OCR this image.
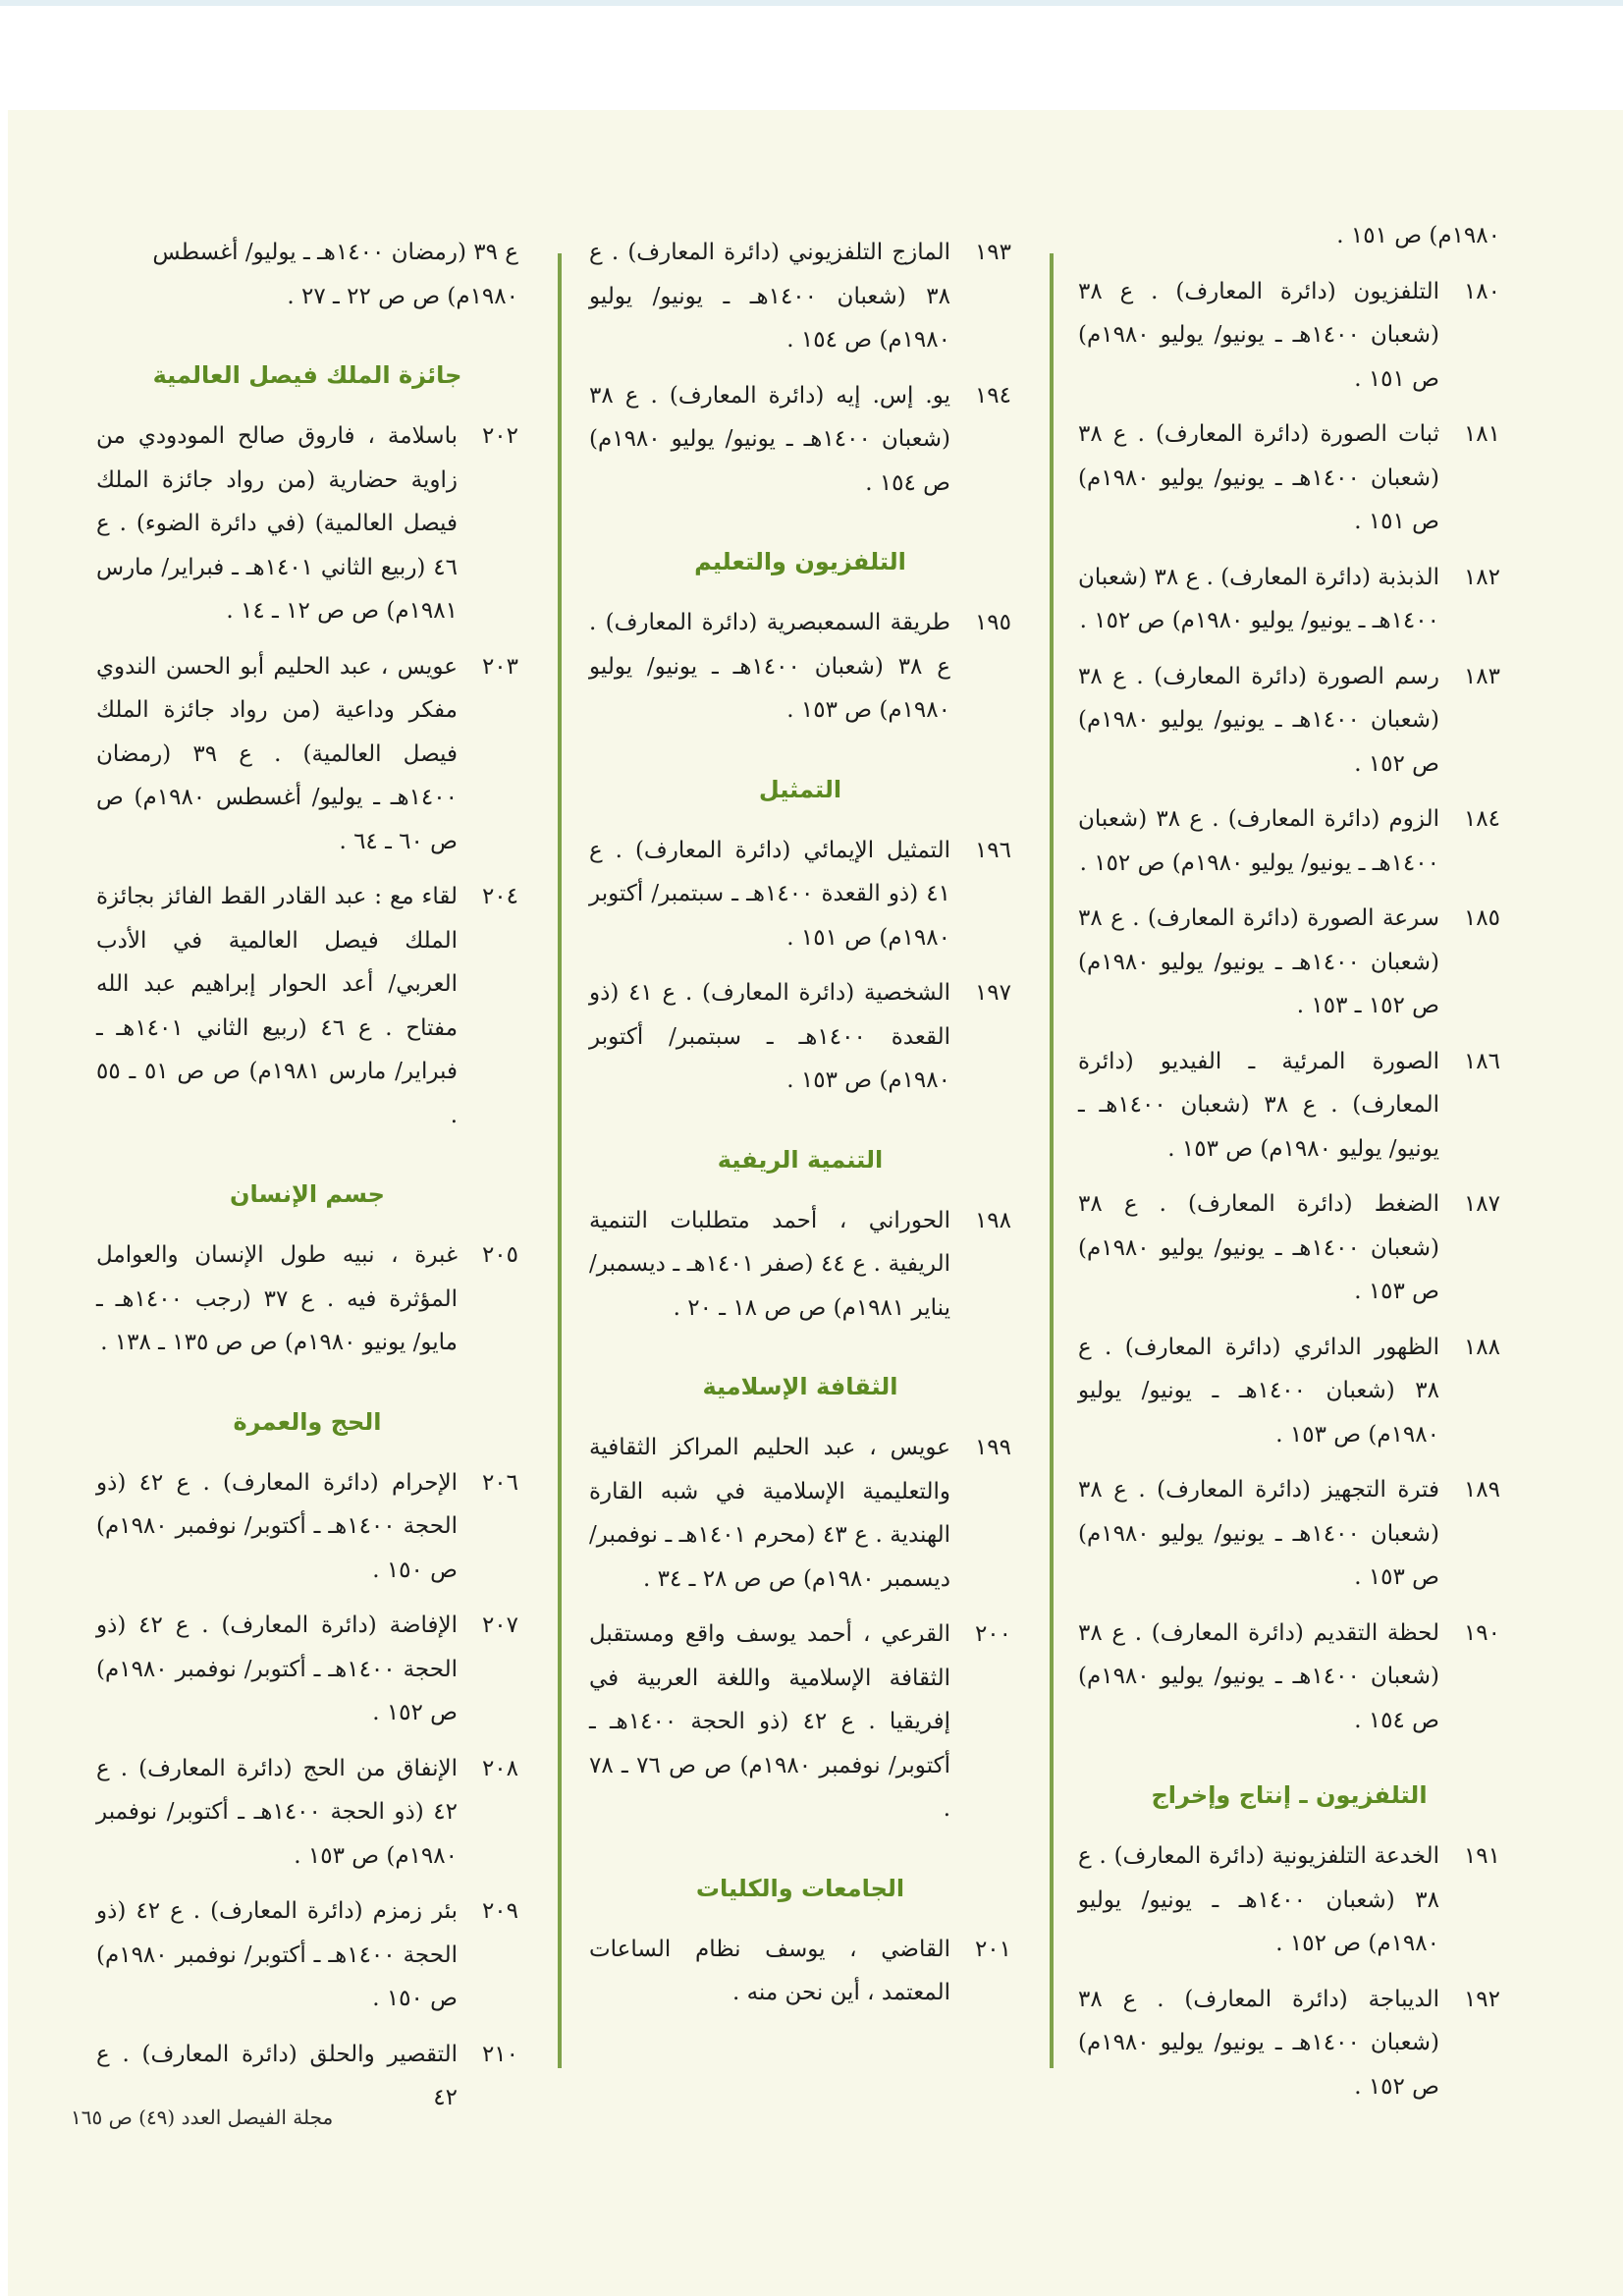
١٩٨٠م) ص ١٥١ .
١٨٠
التلفزيون (دائرة المعارف) . ع ٣٨ (شعبان ١٤٠٠هـ ـ يونيو/ يوليو ١٩٨٠م) ص ١٥١ .
١٨١
ثبات الصورة (دائرة المعارف) . ع ٣٨ (شعبان ١٤٠٠هـ ـ يونيو/ يوليو ١٩٨٠م) ص ١٥١ .
١٨٢
الذبذبة (دائرة المعارف) . ع ٣٨ (شعبان ١٤٠٠هـ ـ يونيو/ يوليو ١٩٨٠م) ص ١٥٢ .
١٨٣
رسم الصورة (دائرة المعارف) . ع ٣٨ (شعبان ١٤٠٠هـ ـ يونيو/ يوليو ١٩٨٠م) ص ١٥٢ .
١٨٤
الزوم (دائرة المعارف) . ع ٣٨ (شعبان ١٤٠٠هـ ـ يونيو/ يوليو ١٩٨٠م) ص ١٥٢ .
١٨٥
سرعة الصورة (دائرة المعارف) . ع ٣٨ (شعبان ١٤٠٠هـ ـ يونيو/ يوليو ١٩٨٠م) ص ١٥٢ ـ ١٥٣ .
١٨٦
الصورة المرئية ـ الفيديو (دائرة المعارف) . ع ٣٨ (شعبان ١٤٠٠هـ ـ يونيو/ يوليو ١٩٨٠م) ص ١٥٣ .
١٨٧
الضغط (دائرة المعارف) . ع ٣٨ (شعبان ١٤٠٠هـ ـ يونيو/ يوليو ١٩٨٠م) ص ١٥٣ .
١٨٨
الظهور الدائري (دائرة المعارف) . ع ٣٨ (شعبان ١٤٠٠هـ ـ يونيو/ يوليو ١٩٨٠م) ص ١٥٣ .
١٨٩
فترة التجهيز (دائرة المعارف) . ع ٣٨ (شعبان ١٤٠٠هـ ـ يونيو/ يوليو ١٩٨٠م) ص ١٥٣ .
١٩٠
لحظة التقديم (دائرة المعارف) . ع ٣٨ (شعبان ١٤٠٠هـ ـ يونيو/ يوليو ١٩٨٠م) ص ١٥٤ .
التلفزيون ـ إنتاج وإخراج
١٩١
الخدعة التلفزيونية (دائرة المعارف) . ع ٣٨ (شعبان ١٤٠٠هـ ـ يونيو/ يوليو ١٩٨٠م) ص ١٥٢ .
١٩٢
الديباجة (دائرة المعارف) . ع ٣٨ (شعبان ١٤٠٠هـ ـ يونيو/ يوليو ١٩٨٠م) ص ١٥٢ .
١٩٣
المازج التلفزيوني (دائرة المعارف) . ع ٣٨ (شعبان ١٤٠٠هـ ـ يونيو/ يوليو ١٩٨٠م) ص ١٥٤ .
١٩٤
يو. إس. إيه (دائرة المعارف) . ع ٣٨ (شعبان ١٤٠٠هـ ـ يونيو/ يوليو ١٩٨٠م) ص ١٥٤ .
التلفزيون والتعليم
١٩٥
طريقة السمعبصرية (دائرة المعارف) . ع ٣٨ (شعبان ١٤٠٠هـ ـ يونيو/ يوليو ١٩٨٠م) ص ١٥٣ .
التمثيل
١٩٦
التمثيل الإيمائي (دائرة المعارف) . ع ٤١ (ذو القعدة ١٤٠٠هـ ـ سبتمبر/ أكتوبر ١٩٨٠م) ص ١٥١ .
١٩٧
الشخصية (دائرة المعارف) . ع ٤١ (ذو القعدة ١٤٠٠هـ ـ سبتمبر/ أكتوبر ١٩٨٠م) ص ١٥٣ .
التنمية الريفية
١٩٨
الحوراني ، أحمد متطلبات التنمية الريفية . ع ٤٤ (صفر ١٤٠١هـ ـ ديسمبر/ يناير ١٩٨١م) ص ص ١٨ ـ ٢٠ .
الثقافة الإسلامية
١٩٩
عويس ، عبد الحليم المراكز الثقافية والتعليمية الإسلامية في شبه القارة الهندية . ع ٤٣ (محرم ١٤٠١هـ ـ نوفمبر/ ديسمبر ١٩٨٠م) ص ص ٢٨ ـ ٣٤ .
٢٠٠
القرعي ، أحمد يوسف واقع ومستقبل الثقافة الإسلامية واللغة العربية في إفريقيا . ع ٤٢ (ذو الحجة ١٤٠٠هـ ـ أكتوبر/ نوفمبر ١٩٨٠م) ص ص ٧٦ ـ ٧٨ .
الجامعات والكليات
٢٠١
القاضي ، يوسف نظام الساعات المعتمد ، أين نحن منه .
ع ٣٩ (رمضان ١٤٠٠هـ ـ يوليو/ أغسطس ١٩٨٠م) ص ص ٢٢ ـ ٢٧ .
جائزة الملك فيصل العالمية
٢٠٢
باسلامة ، فاروق صالح المودودي من زاوية حضارية (من رواد جائزة الملك فيصل العالمية) (في دائرة الضوء) . ع ٤٦ (ربيع الثاني ١٤٠١هـ ـ فبراير/ مارس ١٩٨١م) ص ص ١٢ ـ ١٤ .
٢٠٣
عويس ، عبد الحليم أبو الحسن الندوي مفكر وداعية (من رواد جائزة الملك فيصل العالمية) . ع ٣٩ (رمضان ١٤٠٠هـ ـ يوليو/ أغسطس ١٩٨٠م) ص ص ٦٠ ـ ٦٤ .
٢٠٤
لقاء مع : عبد القادر القط الفائز بجائزة الملك فيصل العالمية في الأدب العربي/ أعد الحوار إبراهيم عبد الله مفتاح . ع ٤٦ (ربيع الثاني ١٤٠١هـ ـ فبراير/ مارس ١٩٨١م) ص ص ٥١ ـ ٥٥ .
جسم الإنسان
٢٠٥
غبرة ، نبيه طول الإنسان والعوامل المؤثرة فيه . ع ٣٧ (رجب ١٤٠٠هـ ـ مايو/ يونيو ١٩٨٠م) ص ص ١٣٥ ـ ١٣٨ .
الحج والعمرة
٢٠٦
الإحرام (دائرة المعارف) . ع ٤٢ (ذو الحجة ١٤٠٠هـ ـ أكتوبر/ نوفمبر ١٩٨٠م) ص ١٥٠ .
٢٠٧
الإفاضة (دائرة المعارف) . ع ٤٢ (ذو الحجة ١٤٠٠هـ ـ أكتوبر/ نوفمبر ١٩٨٠م) ص ١٥٢ .
٢٠٨
الإنفاق من الحج (دائرة المعارف) . ع ٤٢ (ذو الحجة ١٤٠٠هـ ـ أكتوبر/ نوفمبر ١٩٨٠م) ص ١٥٣ .
٢٠٩
بئر زمزم (دائرة المعارف) . ع ٤٢ (ذو الحجة ١٤٠٠هـ ـ أكتوبر/ نوفمبر ١٩٨٠م) ص ١٥٠ .
٢١٠
التقصير والحلق (دائرة المعارف) . ع ٤٢
مجلة الفيصل العدد (٤٩) ص ١٦٥
